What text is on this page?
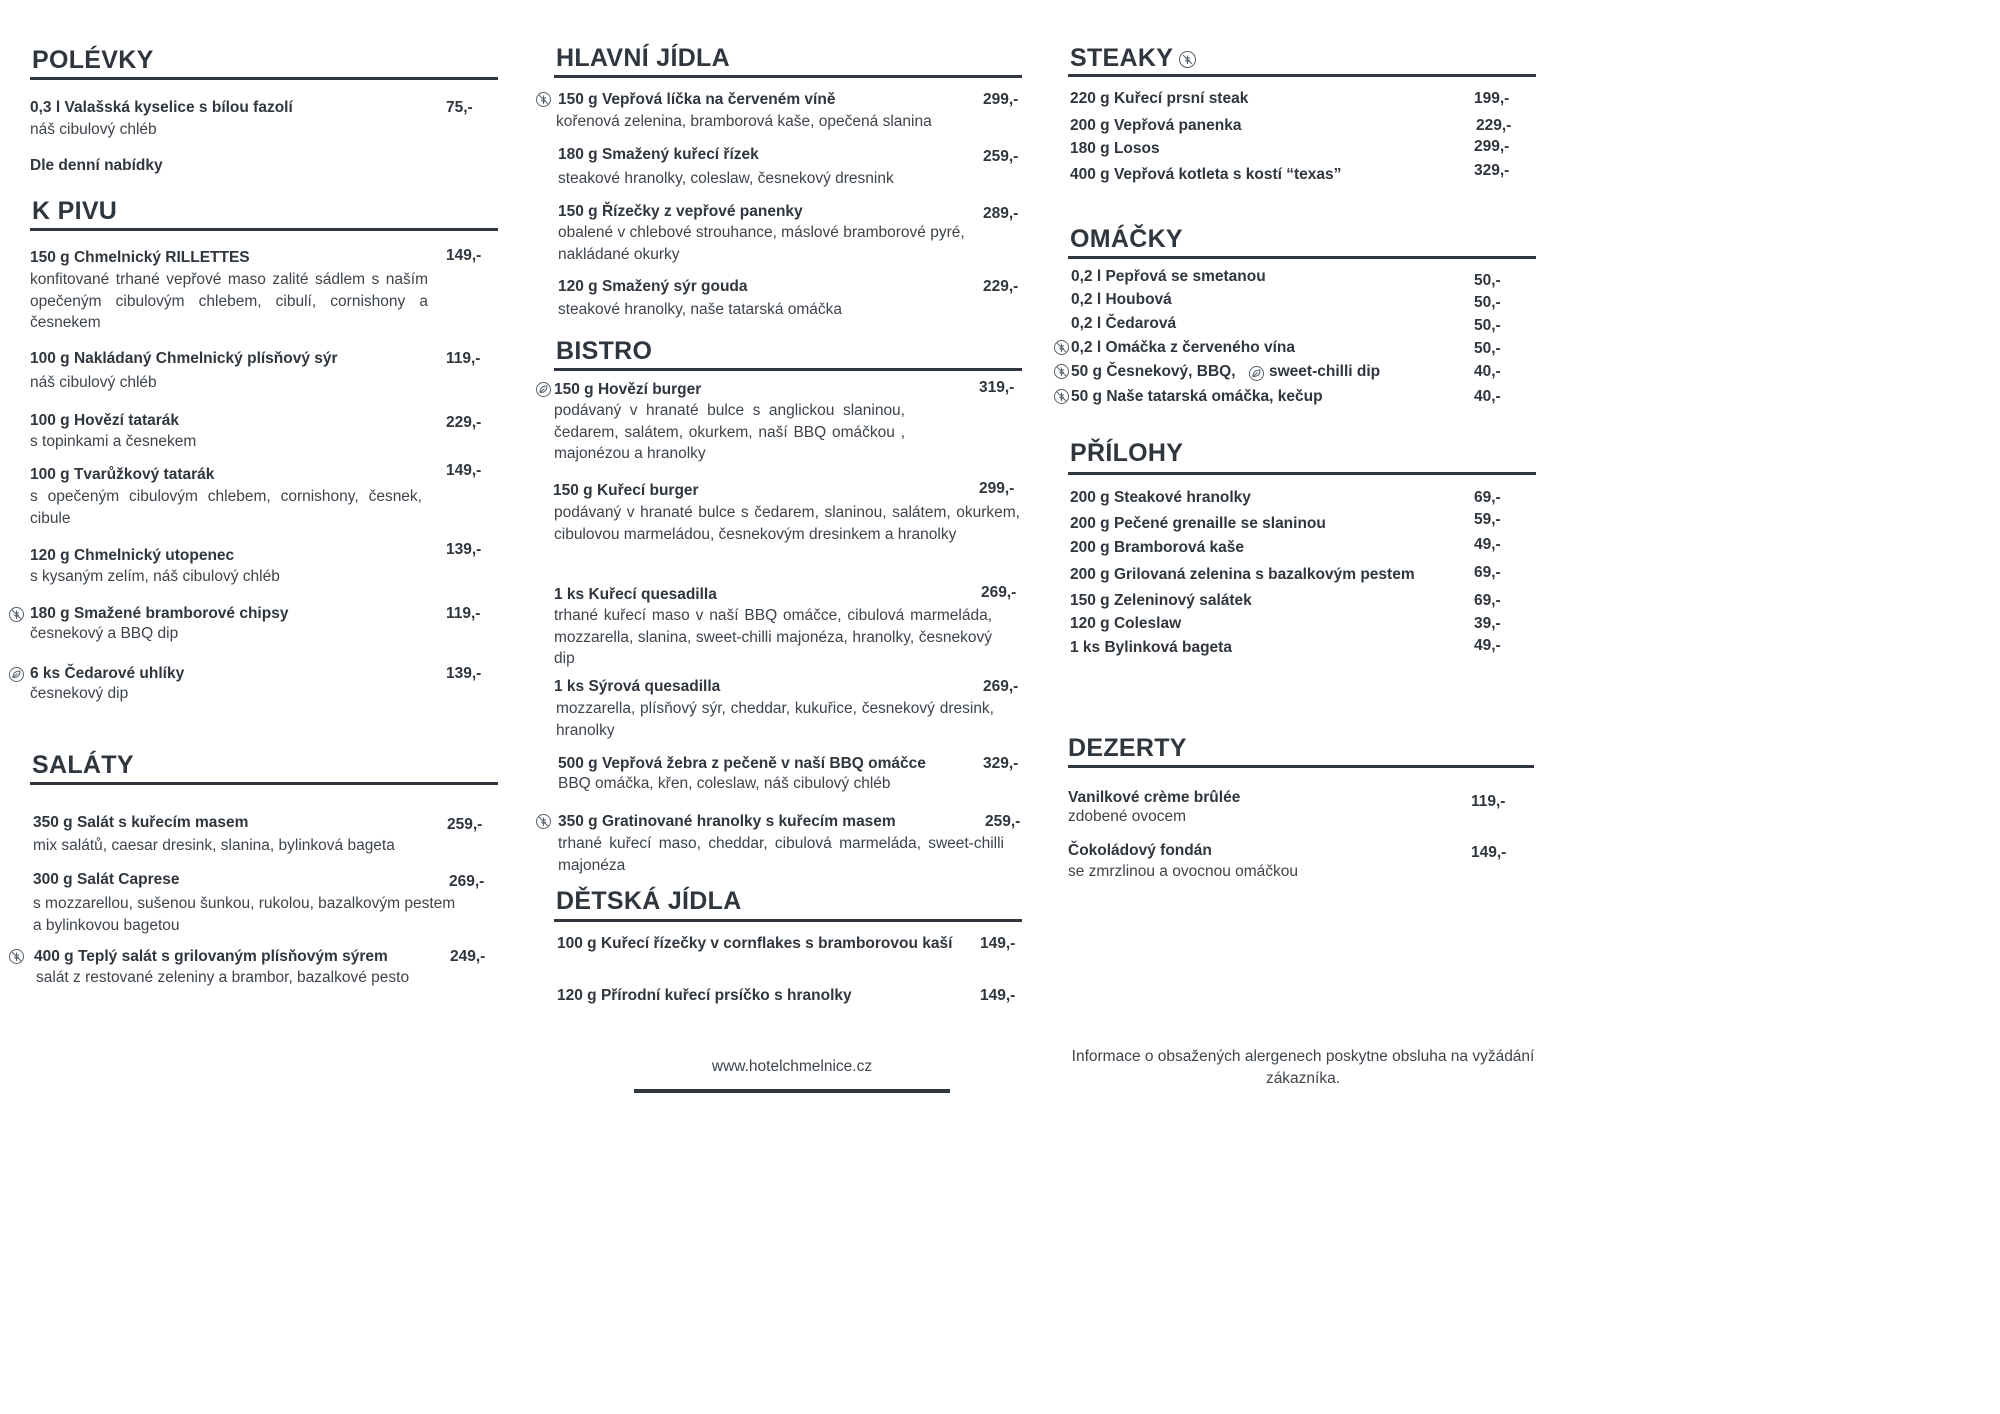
POLÉVKY
0,3 l Valašská kyselice s bílou fazolí	75,-
náš cibulový chléb
Dle denní nabídky
K PIVU
150 g Chmelnický RILLETTES	149,-
konfitované trhané vepřové maso zalité sádlem s naším opečeným cibulovým chlebem, cibulí, cornishony a česnekem
100 g Nakládaný Chmelnický plísňový sýr	119,-
náš cibulový chléb
100 g Hovězí tatarák	229,-
s topinkami a česnekem
100 g Tvarůžkový tatarák	149,-
s opečeným cibulovým chlebem, cornishony, česnek, cibule
120 g Chmelnický utopenec	139,-
s kysaným zelím, náš cibulový chléb
180 g Smažené bramborové chipsy	119,-
česnekový a BBQ dip
6 ks Čedarové uhlíky	139,-
česnekový dip
SALÁTY
350 g Salát s kuřecím masem	259,-
mix salátů, caesar dresink, slanina, bylinková bageta
300 g Salát Caprese	269,-
s mozzarellou, sušenou šunkou, rukolou, bazalkovým pestem a bylinkovou bagetou
400 g Teplý salát s grilovaným plísňovým sýrem	249,-
salát z restované zeleniny a brambor, bazalkové pesto
HLAVNÍ JÍDLA
150 g Vepřová líčka na červeném víně	299,-
kořenová zelenina, bramborová kaše, opečená slanina
180 g Smažený kuřecí řízek	259,-
steakové hranolky, coleslaw, česnekový dresnink
150 g Řízečky z vepřové panenky	289,-
obalené v chlebové strouhance, máslové bramborové pyré, nakládané okurky
120 g Smažený sýr gouda	229,-
steakové hranolky, naše tatarská omáčka
BISTRO
150 g Hovězí burger	319,-
podávaný v hranaté bulce s anglickou slaninou, čedarem, salátem, okurkem, naší BBQ omáčkou , majonézou a hranolky
150 g Kuřecí burger	299,-
podávaný v hranaté bulce s čedarem, slaninou, salátem, okurkem, cibulovou marmeládou, česnekovým dresinkem a hranolky
1 ks Kuřecí quesadilla	269,-
trhané kuřecí maso v naší BBQ omáčce, cibulová marmeláda, mozzarella, slanina, sweet-chilli majonéza, hranolky, česnekový dip
1 ks Sýrová quesadilla	269,-
mozzarella, plísňový sýr, cheddar, kukuřice, česnekový dresink, hranolky
500 g Vepřová žebra z pečeně v naší BBQ omáčce	329,-
BBQ omáčka, křen, coleslaw, náš cibulový chléb
350 g Gratinované hranolky s kuřecím masem	259,-
trhané kuřecí maso, cheddar, cibulová marmeláda, sweet-chilli majonéza
DĚTSKÁ JÍDLA
100 g Kuřecí řízečky v cornflakes s bramborovou kaší 149,-
120 g Přírodní kuřecí prsíčko s hranolky	149,-
STEAKY
220 g Kuřecí prsní steak	199,-
200 g Vepřová panenka	229,-
180 g Losos	299,-
400 g Vepřová kotleta s kostí “texas”	329,-
OMÁČKY
0,2 l Pepřová se smetanou	50,-
0,2 l Houbová	50,-
0,2 l Čedarová	50,-
0,2 l Omáčka z červeného vína	50,-
50 g Česnekový, BBQ,	sweet-chilli dip	40,-
50 g Naše tatarská omáčka, kečup	40,-
PŘÍLOHY
200 g Steakové hranolky	69,-
200 g Pečené grenaille se slaninou	59,-
200 g Bramborová kaše	49,-
200 g Grilovaná zelenina s bazalkovým pestem	69,-
150 g Zeleninový salátek	69,-
120 g Coleslaw	39,-
1 ks Bylinková bageta	49,-
DEZERTY
Vanilkové crème brûlée	119,-
zdobené ovocem
Čokoládový fondán	149,-
se zmrzlinou a ovocnou omáčkou
www.hotelchmelnice.cz
Informace o obsažených alergenech poskytne obsluha na vyžádání zákazníka.
